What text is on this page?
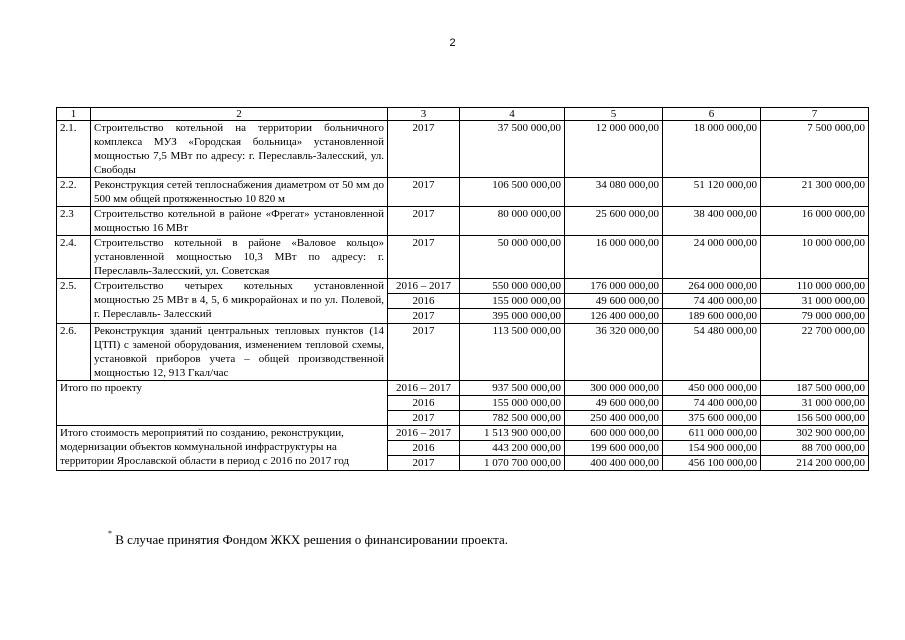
2
1	2	3	4	5	6	7
2.1.	Строительство котельной на территории больничного комплекса МУЗ «Городская больница» установленной мощностью 7,5 МВт по адресу: г. Переславль-Залесский, ул. Свободы	2017	37 500 000,00	12 000 000,00	18 000 000,00	7 500 000,00
2.2.	Реконструкция сетей теплоснабжения диаметром от 50 мм до 500 мм общей протяженностью 10 820 м	2017	106 500 000,00	34 080 000,00	51 120 000,00	21 300 000,00
2.3	Строительство котельной в районе «Фрегат» установленной мощностью 16 МВт	2017	80 000 000,00	25 600 000,00	38 400 000,00	16 000 000,00
2.4.	Строительство котельной в районе «Валовое кольцо» установленной мощностью 10,3 МВт по адресу: г. Переславль-Залесский, ул. Советская	2017	50 000 000,00	16 000 000,00	24 000 000,00	10 000 000,00
2.5.	Строительство четырех котельных установленной мощностью 25 МВт в 4, 5, 6 микрорайонах и по ул. Полевой, г. Переславль- Залесский	2016 – 2017	550 000 000,00	176 000 000,00	264 000 000,00	110 000 000,00
		2016	155 000 000,00	49 600 000,00	74 400 000,00	31 000 000,00
		2017	395 000 000,00	126 400 000,00	189 600 000,00	79 000 000,00
2.6.	Реконструкция зданий центральных тепловых пунктов (14 ЦТП) с заменой оборудования, изменением тепловой схемы, установкой приборов учета – общей производственной мощностью 12, 913 Гкал/час	2017	113 500 000,00	36 320 000,00	54 480 000,00	22 700 000,00
Итого по проекту		2016 – 2017	937 500 000,00	300 000 000,00	450 000 000,00	187 500 000,00
		2016	155 000 000,00	49 600 000,00	74 400 000,00	31 000 000,00
		2017	782 500 000,00	250 400 000,00	375 600 000,00	156 500 000,00
Итого стоимость мероприятий по созданию, реконструкции, модернизации объектов коммунальной инфраструктуры на территории Ярославской области в период с 2016 по 2017 год		2016 – 2017	1 513 900 000,00	600 000 000,00	611 000 000,00	302 900 000,00
		2016	443 200 000,00	199 600 000,00	154 900 000,00	88 700 000,00
		2017	1 070 700 000,00	400 400 000,00	456 100 000,00	214 200 000,00
* В случае принятия Фондом ЖКХ решения о финансировании проекта.
